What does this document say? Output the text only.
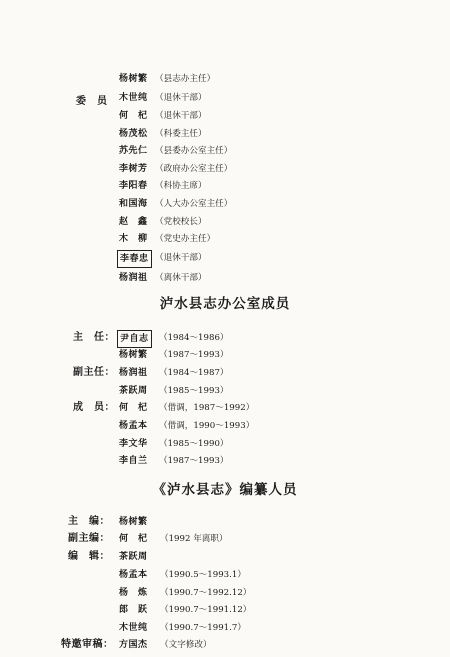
委　员
杨树繁 （县志办主任）
木世纯 （退休干部）
何　杞 （退休干部）
杨茂松 （科委主任）
苏先仁 （县委办公室主任）
李树芳 （政府办公室主任）
李阳春 （科协主席）
和国海 （人大办公室主任）
赵　鑫 （党校校长）
木　柳 （党史办主任）
李春忠 （退休干部）
杨润祖 （离休干部）
泸水县志办公室成员
主　任： 尹自志	（1984～1986）
杨树繁 （1987～1993）
副主任： 杨润祖 （1984～1987）
茶跃周 （1985～1993）
成　员： 何　杞 （借调，1987～1992）
杨孟本 （借调，1990～1993）
李文华 （1985～1990）
李自兰 （1987～1993）
《泸水县志》编纂人员
主　编： 杨树繁
副主编： 何　杞 （1992 年离职）
编　辑： 茶跃周
杨孟本 （1990.5～1993.1）
杨　炼 （1990.7～1992.12）
郎　跃 （1990.7～1991.12）
木世纯 （1990.7～1991.7）
特邀审稿： 方国杰 （文字修改）
